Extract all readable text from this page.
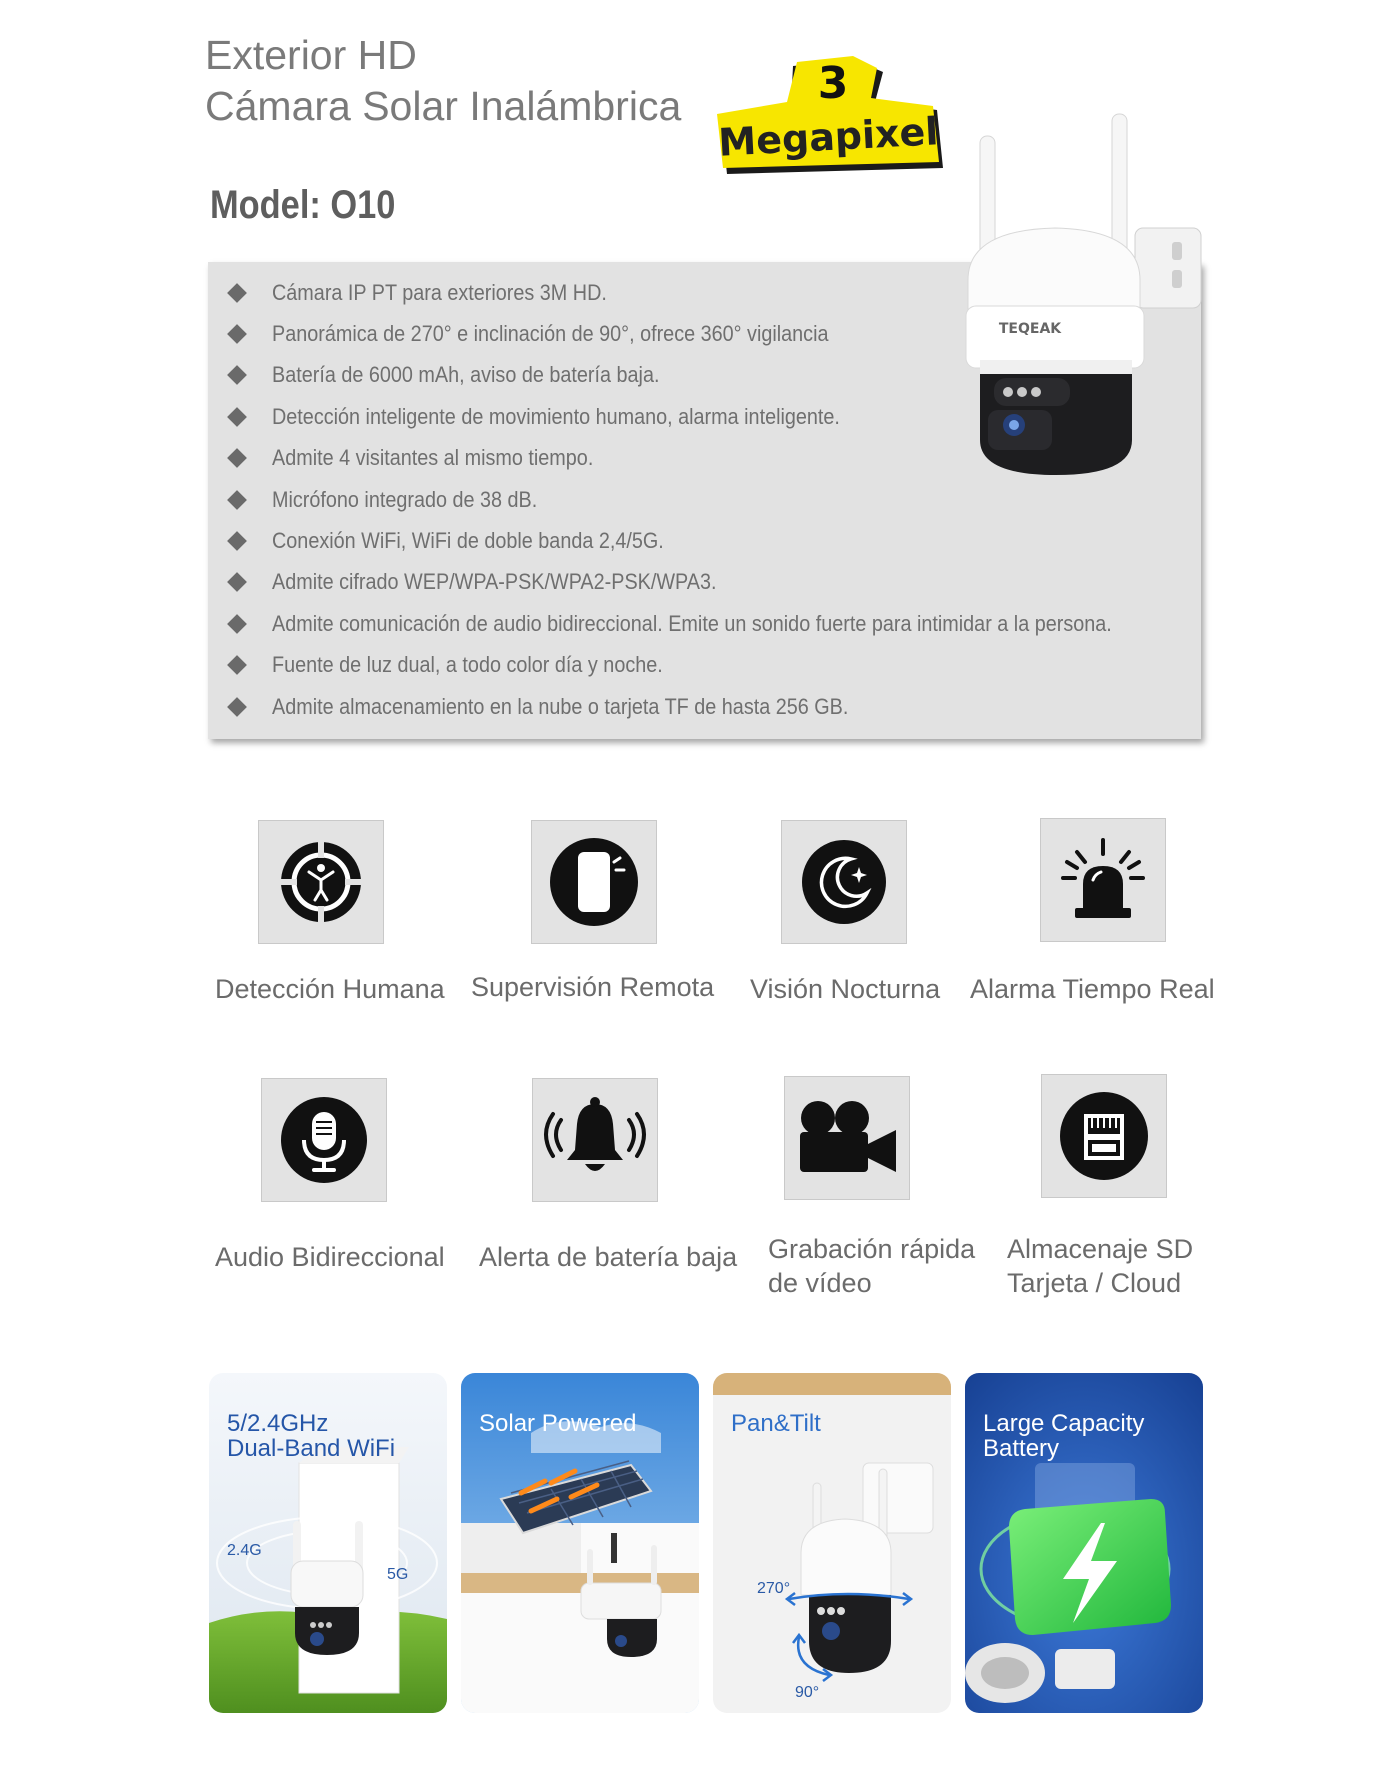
Exterior HD
Cámara Solar Inalámbrica	3
Megapixel
Model: O10
Cámara IP PT para exteriores 3M HD.
Panorámica de 270° e inclinación de 90°, ofrece 360° vigilancia
Batería de 6000 mAh, aviso de batería baja.
Detección inteligente de movimiento humano, alarma inteligente.
Admite 4 visitantes al mismo tiempo.
Micrófono integrado de 38 dB.
Conexión WiFi, WiFi de doble banda 2,4/5G.
Admite cifrado WEP/WPA-PSK/WPA2-PSK/WPA3.
Admite comunicación de audio bidireccional. Emite un sonido fuerte para intimidar a la persona.
Fuente de luz dual, a todo color día y noche.
Admite almacenamiento en la nube o tarjeta TF de hasta 256 GB.
TEQEAK
Detección Humana Supervisión Remota Visión Nocturna Alarma Tiempo Real
Audio Bidireccional Alerta de batería baja Grabación rápida
de vídeo
Almacenaje SD
Tarjeta / Cloud
2.4G
5G
5/2.4GHz
Dual-Band WiFi
Solar Powered
270°
90°
Pan&Tilt	Large Capacity
Battery
